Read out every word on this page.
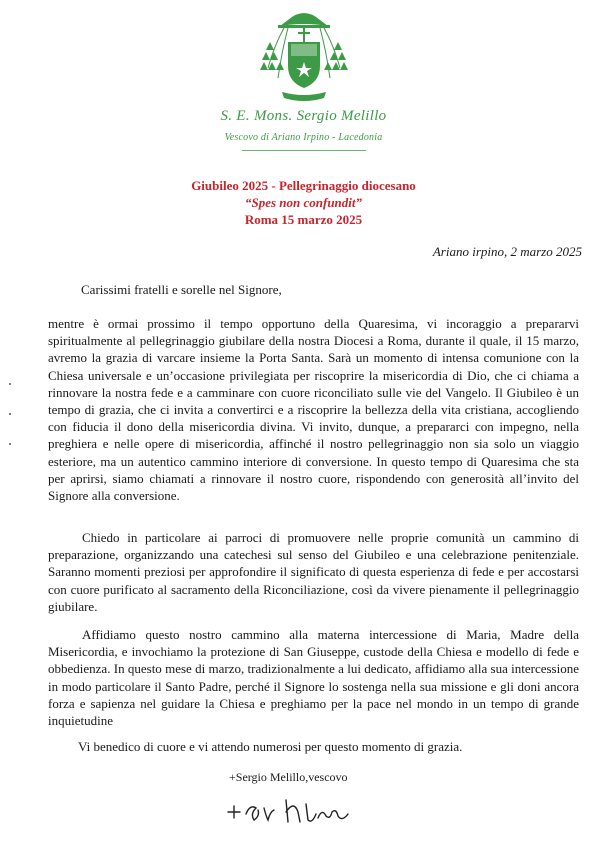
S. E. Mons. Sergio Melillo
Vescovo di Ariano Irpino - Lacedonia
Giubileo 2025 - Pellegrinaggio diocesano
“Spes non confundit”
Roma 15 marzo 2025
Ariano irpino, 2 marzo 2025
Carissimi fratelli e sorelle nel Signore,

mentre è ormai prossimo il tempo opportuno della Quaresima, vi incoraggio a prepararvi spiritualmente al pellegrinaggio giubilare della nostra Diocesi a Roma, durante il quale, il 15 marzo, avremo la grazia di varcare insieme la Porta Santa. Sarà un momento di intensa comunione con la Chiesa universale e un’occasione privilegiata per riscoprire la misericordia di Dio, che ci chiama a rinnovare la nostra fede e a camminare con cuore riconciliato sulle vie del Vangelo. Il Giubileo è un tempo di grazia, che ci invita a convertirci e a riscoprire la bellezza della vita cristiana, accogliendo con fiducia il dono della misericordia divina. Vi invito, dunque, a prepararci con impegno, nella preghiera e nelle opere di misericordia, affinché il nostro pellegrinaggio non sia solo un viaggio esteriore, ma un autentico cammino interiore di conversione. In questo tempo di Quaresima che sta per aprirsi, siamo chiamati a rinnovare il nostro cuore, rispondendo con generosità all’invito del Signore alla conversione.

Chiedo in particolare ai parroci di promuovere nelle proprie comunità un cammino di preparazione, organizzando una catechesi sul senso del Giubileo e una celebrazione penitenziale. Saranno momenti preziosi per approfondire il significato di questa esperienza di fede e per accostarsi con cuore purificato al sacramento della Riconciliazione, così da vivere pienamente il pellegrinaggio giubilare.

Affidiamo questo nostro cammino alla materna intercessione di Maria, Madre della Misericordia, e invochiamo la protezione di San Giuseppe, custode della Chiesa e modello di fede e obbedienza. In questo mese di marzo, tradizionalmente a lui dedicato, affidiamo alla sua intercessione in modo particolare il Santo Padre, perché il Signore lo sostenga nella sua missione e gli doni ancora forza e sapienza nel guidare la Chiesa e preghiamo per la pace nel mondo in un tempo di grande inquietudine

Vi benedico di cuore e vi attendo numerosi per questo momento di grazia.
+Sergio Melillo,vescovo
